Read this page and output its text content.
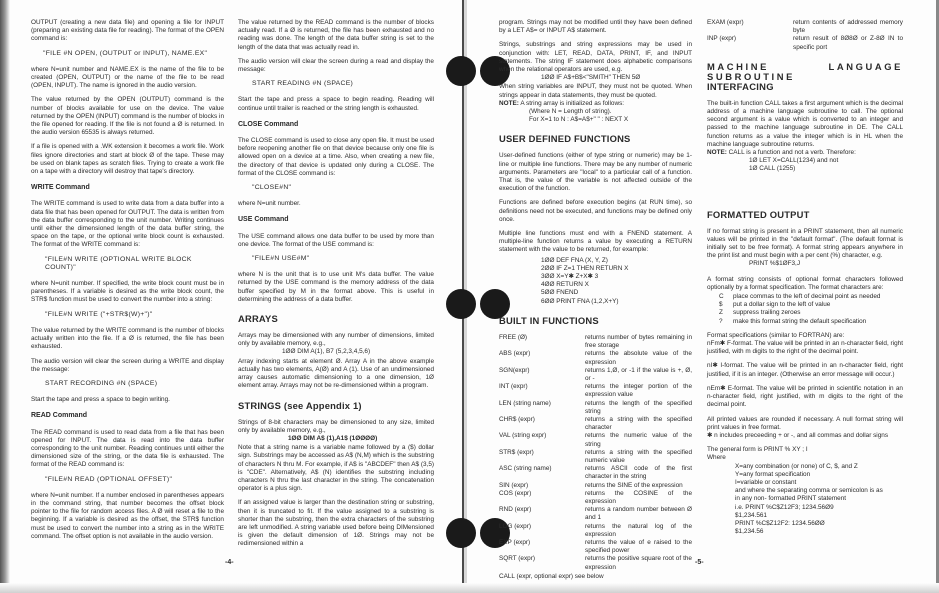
OUTPUT (creating a new data file) and opening a file for INPUT (preparing an existing data file for reading). The format of the OPEN command is:

"FILE #N OPEN, (OUTPUT or INPUT), NAME.EX"

where N=unit number and NAME.EX is the name of the file to be created (OPEN, OUTPUT) or the name of the file to be read (OPEN, INPUT). The name is ignored in the audio version.

The value returned by the OPEN (OUTPUT) command is the number of blocks available for use on the device. The value returned by the OPEN (INPUT) command is the number of blocks in the file opened for reading. If the file is not found a Ø is returned. In the audio version 65535 is always returned.

If a file is opened with a .WK extension it becomes a work file. Work files ignore directories and start at block Ø of the tape. These may be used on blank tapes as scratch files. Trying to create a work file on a tape with a directory will destroy that tape's directory.

WRITE Command

The WRITE command is used to write data from a data buffer into a data file that has been opened for OUTPUT. The data is written from the data buffer corresponding to the unit number. Writing continues until either the dimensioned length of the data buffer string, the space on the tape, or the optional write block count is exhausted. The format of the WRITE command is:

"FILE#N WRITE (OPTIONAL WRITE BLOCK COUNT)"

where N=unit number. If specified, the write block count must be in parentheses. If a variable is desired as the write block count, the STR$ function must be used to convert the number into a string:

"FILE#N WRITE ("+STR$(W)+")"

The value returned by the WRITE command is the number of blocks actually written into the file. If a Ø is returned, the file has been exhausted.

The audio version will clear the screen during a WRITE and display the message:

START RECORDING #N (SPACE)

Start the tape and press a space to begin writing.

READ Command

The READ command is used to read data from a file that has been opened for INPUT. The data is read into the data buffer corresponding to the unit number. Reading continues until either the dimensioned size of the string, or the data file is exhausted. The format of the READ command is:

"FILE#N READ (OPTIONAL OFFSET)"

where N=unit number. If a number enclosed in parentheses appears in the command string, that number becomes the offset block pointer to the file for random access files. A Ø will reset a file to the beginning. If a variable is desired as the offset, the STR$ function must be used to convert the number into a string as in the WRITE command. The offset option is not available in the audio version.

The value returned by the READ command is the number of blocks actually read. If a Ø is returned, the file has been exhausted and no reading was done. The length of the data buffer string is set to the length of the data that was actually read in.

The audio version will clear the screen during a read and display the message:

START READING #N (SPACE)

Start the tape and press a space to begin reading. Reading will continue until trailer is reached or the string length is exhausted.

CLOSE Command

The CLOSE command is used to close any open file. It must be used before reopening another file on that device because only one file is allowed open on a device at a time. Also, when creating a new file, the directory of that device is updated only during a CLOSE. The format of the CLOSE command is:

"CLOSE#N"

where N=unit number.

USE Command

The USE command allows one data buffer to be used by more than one device. The format of the USE command is:

"FILE#N USE#M"

where N is the unit that is to use unit M's data buffer. The value returned by the USE command is the memory address of the data buffer specified by M in the format above. This is useful in determining the address of a data buffer.

ARRAYS

Arrays may be dimensioned with any number of dimensions, limited only by available memory, e.g.,

1ØØ DIM A(1), B7 (5,2,3,4,5,6)

Array indexing starts at element Ø. Array A in the above example actually has two elements, A(Ø) and A (1). Use of an undimensioned array causes automatic dimensioning to a one dimension, 1Ø element array. Arrays may not be re-dimensioned within a program.

STRINGS (see Appendix 1)

Strings of 8-bit characters may be dimensioned to any size, limited only by available memory, e.g.,

1ØØ DIM A$ (1),A1$ (1ØØØØ)

Note that a string name is a variable name followed by a ($) dollar sign. Substrings may be accessed as A$ (N,M) which is the substring of characters N thru M. For example, if A$ is "ABCDEF" then A$ (3,5) is "CDE". Alternatively, A$ (N) identifies the substring including characters N thru the last character in the string. The concatenation operator is a plus sign.

If an assigned value is larger than the destination string or substring, then it is truncated to fit. If the value assigned to a substring is shorter than the substring, then the extra characters of the substring are left unmodified. A string variable used before being DIMensioned is given the default dimension of 1Ø. Strings may not be redimensioned within a

-4-

program. Strings may not be modified until they have been defined by a LET A$= or INPUT A$ statement.

Strings, substrings and string expressions may be used in conjunction with: LET, READ, DATA, PRINT, IF, and INPUT statements. The string IF statement does alphabetic comparisons when the relational operators are used, e.g.

1ØØ IF A$+B$<"SMITH" THEN 5Ø

When string variables are INPUT, they must not be quoted. When strings appear in data statements, they must be quoted.

NOTE: A string array is initialized as follows:
(Where N = Length of string).
For X=1 to N : A$=A$+" " : NEXT X
USER DEFINED FUNCTIONS

User-defined functions (either of type string or numeric) may be 1-line or multiple line functions. There may be any number of numeric arguments. Parameters are "local" to a particular call of a function. That is, the value of the variable is not affected outside of the execution of the function.

Functions are defined before execution begins (at RUN time), so definitions need not be executed, and functions may be defined only once.

Multiple line functions must end with a FNEND statement. A multiple-line function returns a value by executing a RETURN statement with the value to be returned, for example:

1ØØ DEF FNA (X, Y, Z)
2ØØ IF Z=1 THEN RETURN X
3ØØ X=Y✱ Z+X✱ 3
4ØØ RETURN X
5ØØ FNEND
6ØØ PRINT FNA (1,2,X+Y)
BUILT IN FUNCTIONS
FREE (Ø)	returns number of bytes remaining in free storage
ABS (expr)	returns the absolute value of the expression
SGN(expr)	returns 1,Ø, or -1 if the value is +, Ø, or -
INT (expr)	returns the integer portion of the expression value
LEN (string name)	returns the length of the specified string
CHR$ (expr)	returns a string with the specified character
VAL (string expr)	returns the numeric value of the string
STR$ (expr)	returns a string with the specified numeric value
ASC (string name)	returns ASCII code of the first character in the string
SIN (expr)	returns the SINE of the expression
COS (expr)	returns the COSINE of the expression
RND (expr)	returns a random number between Ø and 1
LOG (expr)	returns the natural log of the expression
EXP (expr)	returns the value of e raised to the specified power
SQRT (expr)	returns the positive square root of the expression
CALL (expr, optional expr) see below
EXAM (expr)	return contents of addressed memory byte
INP (expr)	return result of 8Ø8Ø or Z-8Ø IN to specific port
MACHINE LANGUAGE SUBROUTINE
INTERFACING

The built-in function CALL takes a first argument which is the decimal address of a machine language subroutine to call. The optional second argument is a value which is converted to an integer and passed to the machine language subroutine in DE. The CALL function returns as a value the integer which is in HL when the machine language subroutine returns.

NOTE: CALL is a function and not a verb. Therefore:
1Ø LET X=CALL(1234) and not
1Ø CALL (1255)
FORMATTED OUTPUT

If no format string is present in a PRINT statement, then all numeric values will be printed in the "default format". (The default format is initially set to be free format). A format string appears anywhere in the print list and must begin with a per cent (%) character, e.g.

PRINT %$1ØF3,J

A format string consists of optional format characters followed optionally by a format specification. The format characters are:

C place commas to the left of decimal point as needed
$ put a dollar sign to the left of value
Z suppress trailing zeroes
? make this format string the default specification
Format specifications (similar to FORTRAN) are:

nFm✱ F-format. The value will be printed in an n-character field, right justified, with m digits to the right of the decimal point.

nI✱ I-format. The value will be printed in an n-character field, right justified, if it is an integer. (Otherwise an error message will occur.)

nEm✱ E-format. The value will be printed in scientific notation in an n-character field, right justified, with m digits to the right of the decimal point.

All printed values are rounded if necessary. A null format string will print values in free format.

✱ n includes preceeding + or -, and all commas and dollar signs

The general form is PRINT % XY ; I
Where
X=any combination (or none) of C, $, and Z
Y=any format specification
I=variable or constant
and where the separating comma or semicolon is as
in any non- formatted PRINT statement
i.e. PRINT %C$Z12F3; 1234.56Ø9
$1,234.561
PRINT %C$Z12F2: 1234.56ØØ
$1,234.56
-5-
